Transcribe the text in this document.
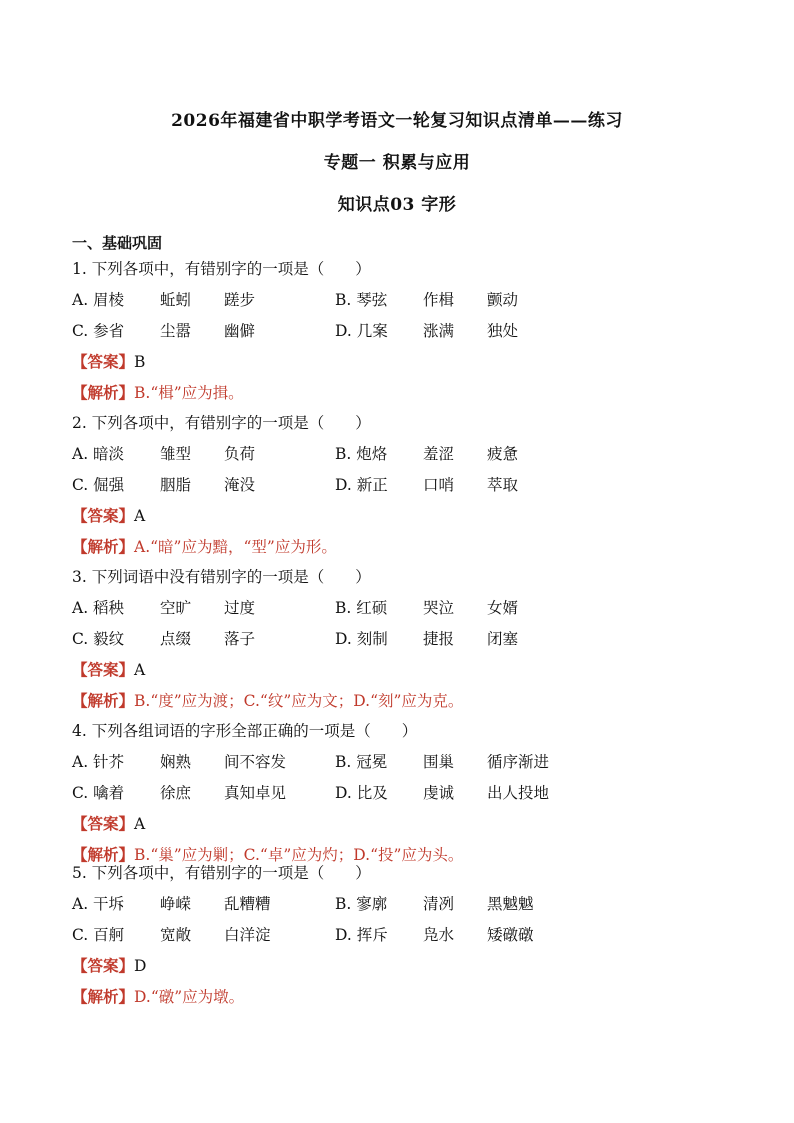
2026年福建省中职学考语文一轮复习知识点清单——练习
专题一 积累与应用
知识点03 字形
一、基础巩固
1. 下列各项中，有错别字的一项是（　　）
A. 眉棱 蚯蚓 蹉步	B. 琴弦 作楫 颤动
C. 参省 尘嚣 幽僻	D. 几案 涨满 独处
【答案】B
【解析】B.“楫”应为揖。
2. 下列各项中，有错别字的一项是（　　）
A. 暗淡 雏型 负荷	B. 炮烙 羞涩 疲惫
C. 倔强 胭脂 淹没	D. 新正 口哨 萃取
【答案】A
【解析】A.“暗”应为黯，“型”应为形。
3. 下列词语中没有错别字的一项是（　　）
A. 稻秧 空旷 过度	B. 红硕 哭泣 女婿
C. 毅纹 点缀 落子	D. 刻制 捷报 闭塞
【答案】A
【解析】B.“度”应为渡；C.“纹”应为文；D.“刻”应为克。
4. 下列各组词语的字形全部正确的一项是（　　）
A. 针芥 娴熟 间不容发	B. 冠冕 围巢 循序渐进
C. 噙着 徐庶 真知卓见	D. 比及 虔诚 出人投地
【答案】A
【解析】B.“巢”应为剿；C.“卓”应为灼；D.“投”应为头。
5. 下列各项中，有错别字的一项是（　　）
A. 干坼 峥嵘 乱糟糟	B. 寥廓 清冽 黑魆魆
C. 百舸 宽敞 白洋淀	D. 挥斥 凫水 矮礅礅
【答案】D
【解析】D.“礅”应为墩。
